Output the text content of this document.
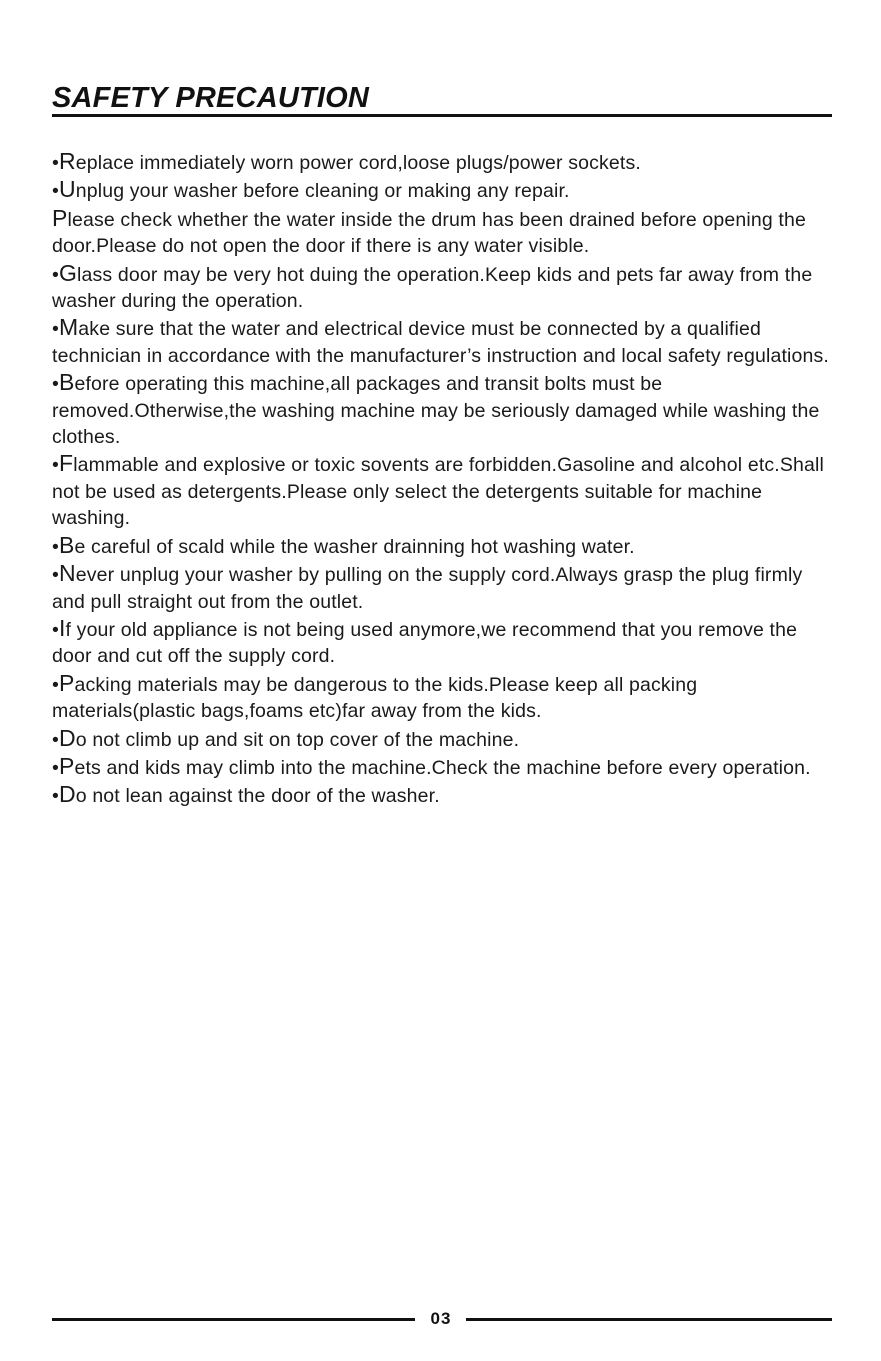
SAFETY PRECAUTION

•Replace immediately worn power cord,loose plugs/power sockets.

•Unplug your washer before cleaning or making any repair.

Please check whether the water inside the drum has been drained before opening the door.Please do not open the door if there is any water visible.

•Glass door may be very hot duing the operation.Keep kids and pets far away from the washer during the operation.

•Make sure that the water and electrical device must be connected by a qualified technician in accordance with the manufacturer’s instruction and local safety regulations.

•Before operating this machine,all packages and transit bolts must be removed.Otherwise,the washing machine may be seriously damaged while washing the clothes.

•Flammable and explosive or toxic sovents are forbidden.Gasoline and alcohol etc.Shall not be used as detergents.Please only select the detergents suitable for machine washing.

•Be careful of scald while the washer drainning hot washing water.

•Never unplug your washer by pulling on the supply cord.Always grasp the plug firmly and pull straight out from the outlet.

•If your old appliance is not being used anymore,we recommend that you remove the door and cut off the supply cord.

•Packing materials may be dangerous to the kids.Please keep all packing materials(plastic bags,foams etc)far away from the kids.

•Do not climb up and sit on top cover of the machine.

•Pets and kids may climb into the machine.Check the machine before every operation.

•Do not lean against the door of the washer.

03
